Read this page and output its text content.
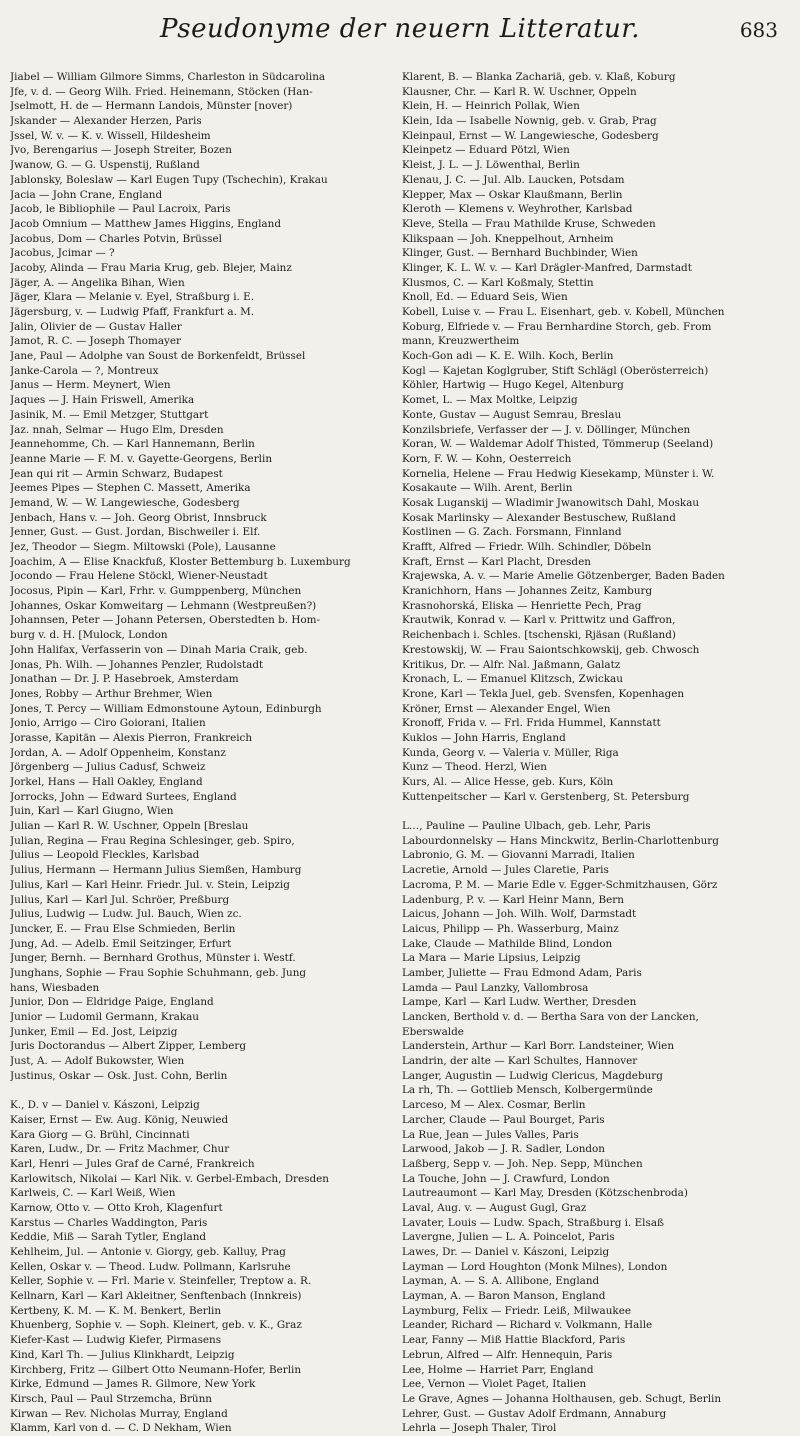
Pseudonyme der neuern Litteratur.	683
Jiabel — William Gilmore Simms, Charleston in Südcarolina
Jfe, v. d. — Georg Wilh. Fried. Heinemann, Stöcken (Han-
Jselmott, H. de — Hermann Landois, Münster [nover)
Jskander — Alexander Herzen, Paris
Jssel, W. v. — K. v. Wissell, Hildesheim
Jvo, Berengarius — Joseph Streiter, Bozen
Jwanow, G. — G. Uspenstij, Rußland
Jablonsky, Boleslaw — Karl Eugen Tupy (Tschechin), Krakau
Jacia — John Crane, England
Jacob, le Bibliophile — Paul Lacroix, Paris
Jacob Omnium — Matthew James Higgins, England
Jacobus, Dom — Charles Potvin, Brüssel
Jacobus, Jcimar — ?
Jacoby, Alinda — Frau Maria Krug, geb. Blejer, Mainz
Jäger, A. — Angelika Bihan, Wien
Jäger, Klara — Melanie v. Eyel, Straßburg i. E.
Jägersburg, v. — Ludwig Pfaff, Frankfurt a. M.
Jalin, Olivier de — Gustav Haller
Jamot, R. C. — Joseph Thomayer
Jane, Paul — Adolphe van Soust de Borkenfeldt, Brüssel
Janke-Carola — ?, Montreux
Janus — Herm. Meynert, Wien
Jaques — J. Hain Friswell, Amerika
Jasinik, M. — Emil Metzger, Stuttgart
Jaz. nnah, Selmar — Hugo Elm, Dresden
Jeannehomme, Ch. — Karl Hannemann, Berlin
Jeanne Marie — F. M. v. Gayette-Georgens, Berlin
Jean qui rit — Armin Schwarz, Budapest
Jeemes Pipes — Stephen C. Massett, Amerika
Jemand, W. — W. Langewiesche, Godesberg
Jenbach, Hans v. — Joh. Georg Obrist, Innsbruck
Jenner, Gust. — Gust. Jordan, Bischweiler i. Elf.
Jez, Theodor — Siegm. Miltowski (Pole), Lausanne
Joachim, A — Elise Knackfuß, Kloster Bettemburg b. Luxemburg
Jocondo — Frau Helene Stöckl, Wiener-Neustadt
Jocosus, Pipin — Karl, Frhr. v. Gumppenberg, München
Johannes, Oskar Komweitarg — Lehmann (Westpreußen?)
Johannsen, Peter — Johann Petersen, Oberstedten b. Hom-
burg v. d. H. [Mulock, London
John Halifax, Verfasserin von — Dinah Maria Craik, geb.
Jonas, Ph. Wilh. — Johannes Penzler, Rudolstadt
Jonathan — Dr. J. P. Hasebroek, Amsterdam
Jones, Robby — Arthur Brehmer, Wien
Jones, T. Percy — William Edmonstoune Aytoun, Edinburgh
Jonio, Arrigo — Ciro Goiorani, Italien
Jorasse, Kapitän — Alexis Pierron, Frankreich
Jordan, A. — Adolf Oppenheim, Konstanz
Jörgenberg — Julius Cadusf, Schweiz
Jorkel, Hans — Hall Oakley, England
Jorrocks, John — Edward Surtees, England
Juin, Karl — Karl Giugno, Wien
Julian — Karl R. W. Uschner, Oppeln [Breslau
Julian, Regina — Frau Regina Schlesinger, geb. Spiro,
Julius — Leopold Fleckles, Karlsbad
Julius, Hermann — Hermann Julius Siemßen, Hamburg
Julius, Karl — Karl Heinr. Friedr. Jul. v. Stein, Leipzig
Julius, Karl — Karl Jul. Schröer, Preßburg
Julius, Ludwig — Ludw. Jul. Bauch, Wien zc.
Juncker, E. — Frau Else Schmieden, Berlin
Jung, Ad. — Adelb. Emil Seitzinger, Erfurt
Junger, Bernh. — Bernhard Grothus, Münster i. Westf.
Junghans, Sophie — Frau Sophie Schuhmann, geb. Jung
hans, Wiesbaden
Junior, Don — Eldridge Paige, England
Junior — Ludomil Germann, Krakau
Junker, Emil — Ed. Jost, Leipzig
Juris Doctorandus — Albert Zipper, Lemberg
Just, A. — Adolf Bukowster, Wien
Justinus, Oskar — Osk. Just. Cohn, Berlin
K., D. v — Daniel v. Kászoni, Leipzig
Kaiser, Ernst — Ew. Aug. König, Neuwied
Kara Giorg — G. Brühl, Cincinnati
Karen, Ludw., Dr. — Fritz Machmer, Chur
Karl, Henri — Jules Graf de Carné, Frankreich
Karlowitsch, Nikolai — Karl Nik. v. Gerbel-Embach, Dresden
Karlweis, C. — Karl Weiß, Wien
Karnow, Otto v. — Otto Kroh, Klagenfurt
Karstus — Charles Waddington, Paris
Keddie, Miß — Sarah Tytler, England
Kehlheim, Jul. — Antonie v. Giorgy, geb. Kalluy, Prag
Kellen, Oskar v. — Theod. Ludw. Pollmann, Karlsruhe
Keller, Sophie v. — Frl. Marie v. Steinfeller, Treptow a. R.
Kellnarn, Karl — Karl Akleitner, Senftenbach (Innkreis)
Kertbeny, K. M. — K. M. Benkert, Berlin
Khuenberg, Sophie v. — Soph. Kleinert, geb. v. K., Graz
Kiefer-Kast — Ludwig Kiefer, Pirmasens
Kind, Karl Th. — Julius Klinkhardt, Leipzig
Kirchberg, Fritz — Gilbert Otto Neumann-Hofer, Berlin
Kirke, Edmund — James R. Gilmore, New York
Kirsch, Paul — Paul Strzemcha, Brünn
Kirwan — Rev. Nicholas Murray, England
Klamm, Karl von d. — C. D Nekham, Wien
Klarent, B. — Blanka Zachariä, geb. v. Klaß, Koburg
Klausner, Chr. — Karl R. W. Uschner, Oppeln
Klein, H. — Heinrich Pollak, Wien
Klein, Ida — Isabelle Nownig, geb. v. Grab, Prag
Kleinpaul, Ernst — W. Langewiesche, Godesberg
Kleinpetz — Eduard Pötzl, Wien
Kleist, J. L. — J. Löwenthal, Berlin
Klenau, J. C. — Jul. Alb. Laucken, Potsdam
Klepper, Max — Oskar Klaußmann, Berlin
Kleroth — Klemens v. Weyhrother, Karlsbad
Kleve, Stella — Frau Mathilde Kruse, Schweden
Klikspaan — Joh. Kneppelhout, Arnheim
Klinger, Gust. — Bernhard Buchbinder, Wien
Klinger, K. L. W. v. — Karl Drägler-Manfred, Darmstadt
Klusmos, C. — Karl Koßmaly, Stettin
Knoll, Ed. — Eduard Seis, Wien
Kobell, Luise v. — Frau L. Eisenhart, geb. v. Kobell, München
Koburg, Elfriede v. — Frau Bernhardine Storch, geb. From
mann, Kreuzwertheim
Koch-Gon adi — K. E. Wilh. Koch, Berlin
Kogl — Kajetan Koglgruber, Stift Schlägl (Oberösterreich)
Köhler, Hartwig — Hugo Kegel, Altenburg
Komet, L. — Max Moltke, Leipzig
Konte, Gustav — August Semrau, Breslau
Konzilsbriefe, Verfasser der — J. v. Döllinger, München
Koran, W. — Waldemar Adolf Thisted, Tömmerup (Seeland)
Korn, F. W. — Kohn, Oesterreich
Kornelia, Helene — Frau Hedwig Kiesekamp, Münster i. W.
Kosakaute — Wilh. Arent, Berlin
Kosak Luganskij — Wladimir Jwanowitsch Dahl, Moskau
Kosak Marlinsky — Alexander Bestuschew, Rußland
Kostlinen — G. Zach. Forsmann, Finnland
Krafft, Alfred — Friedr. Wilh. Schindler, Döbeln
Kraft, Ernst — Karl Placht, Dresden
Krajewska, A. v. — Marie Amelie Götzenberger, Baden Baden
Kranichhorn, Hans — Johannes Zeitz, Kamburg
Krasnohorská, Eliska — Henriette Pech, Prag
Krautwik, Konrad v. — Karl v. Prittwitz und Gaffron,
Reichenbach i. Schles. [tschenski, Rjäsan (Rußland)
Krestowskij, W. — Frau Saiontschkowskij, geb. Chwosch
Kritikus, Dr. — Alfr. Nal. Jaßmann, Galatz
Kronach, L. — Emanuel Klitzsch, Zwickau
Krone, Karl — Tekla Juel, geb. Svensfen, Kopenhagen
Kröner, Ernst — Alexander Engel, Wien
Kronoff, Frida v. — Frl. Frida Hummel, Kannstatt
Kuklos — John Harris, England
Kunda, Georg v. — Valeria v. Müller, Riga
Kunz — Theod. Herzl, Wien
Kurs, Al. — Alice Hesse, geb. Kurs, Köln
Kuttenpeitscher — Karl v. Gerstenberg, St. Petersburg
L…, Pauline — Pauline Ulbach, geb. Lehr, Paris
Labourdonnelsky — Hans Minckwitz, Berlin-Charlottenburg
Labronio, G. M. — Giovanni Marradi, Italien
Lacretie, Arnold — Jules Claretie, Paris
Lacroma, P. M. — Marie Edle v. Egger-Schmitzhausen, Görz
Ladenburg, P. v. — Karl Heinr Mann, Bern
Laicus, Johann — Joh. Wilh. Wolf, Darmstadt
Laicus, Philipp — Ph. Wasserburg, Mainz
Lake, Claude — Mathilde Blind, London
La Mara — Marie Lipsius, Leipzig
Lamber, Juliette — Frau Edmond Adam, Paris
Lamda — Paul Lanzky, Vallombrosa
Lampe, Karl — Karl Ludw. Werther, Dresden
Lancken, Berthold v. d. — Bertha Sara von der Lancken,
Eberswalde
Landerstein, Arthur — Karl Borr. Landsteiner, Wien
Landrin, der alte — Karl Schultes, Hannover
Langer, Augustin — Ludwig Clericus, Magdeburg
La rh, Th. — Gottlieb Mensch, Kolbergermünde
Larceso, M — Alex. Cosmar, Berlin
Larcher, Claude — Paul Bourget, Paris
La Rue, Jean — Jules Valles, Paris
Larwood, Jakob — J. R. Sadler, London
Laßberg, Sepp v. — Joh. Nep. Sepp, München
La Touche, John — J. Crawfurd, London
Lautreaumont — Karl May, Dresden (Kötzschenbroda)
Laval, Aug. v. — August Gugl, Graz
Lavater, Louis — Ludw. Spach, Straßburg i. Elsaß
Lavergne, Julien — L. A. Poincelot, Paris
Lawes, Dr. — Daniel v. Kászoni, Leipzig
Layman — Lord Houghton (Monk Milnes), London
Layman, A. — S. A. Allibone, England
Layman, A. — Baron Manson, England
Laymburg, Felix — Friedr. Leiß, Milwaukee
Leander, Richard — Richard v. Volkmann, Halle
Lear, Fanny — Miß Hattie Blackford, Paris
Lebrun, Alfred — Alfr. Hennequin, Paris
Lee, Holme — Harriet Parr, England
Lee, Vernon — Violet Paget, Italien
Le Grave, Agnes — Johanna Holthausen, geb. Schugt, Berlin
Lehrer, Gust. — Gustav Adolf Erdmann, Annaburg
Lehrla — Joseph Thaler, Tirol
